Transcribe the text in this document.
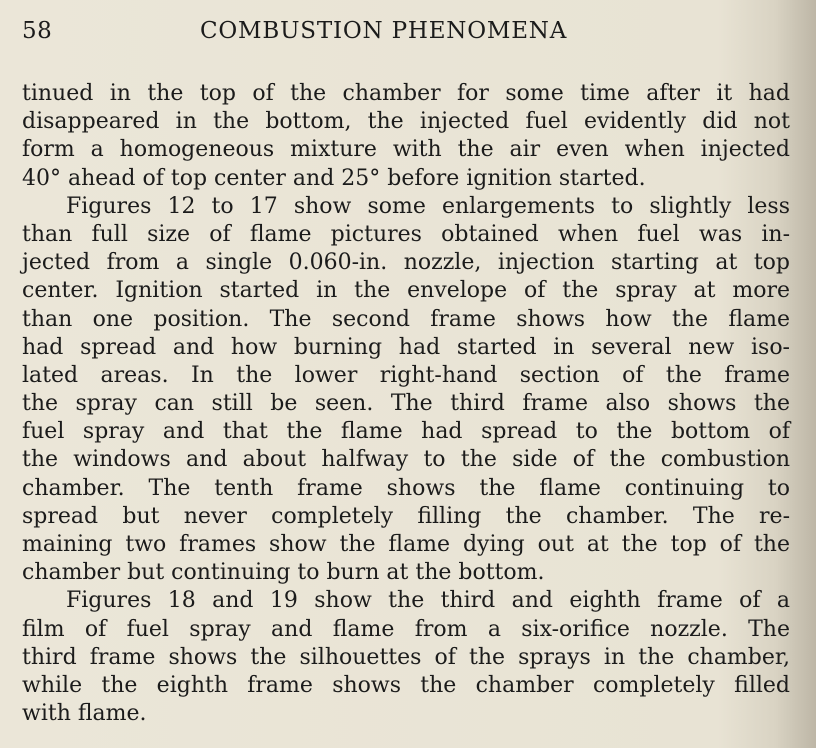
58	COMBUSTION PHENOMENA
tinued in the top of the chamber for some time after it had
disappeared in the bottom, the injected fuel evidently did not
form a homogeneous mixture with the air even when injected
40° ahead of top center and 25° before ignition started.
Figures 12 to 17 show some enlargements to slightly less
than full size of flame pictures obtained when fuel was in-
jected from a single 0.060-in. nozzle, injection starting at top
center. Ignition started in the envelope of the spray at more
than one position. The second frame shows how the flame
had spread and how burning had started in several new iso-
lated areas. In the lower right-hand section of the frame
the spray can still be seen. The third frame also shows the
fuel spray and that the flame had spread to the bottom of
the windows and about halfway to the side of the combustion
chamber. The tenth frame shows the flame continuing to
spread but never completely filling the chamber. The re-
maining two frames show the flame dying out at the top of the
chamber but continuing to burn at the bottom.
Figures 18 and 19 show the third and eighth frame of a
film of fuel spray and flame from a six-orifice nozzle. The
third frame shows the silhouettes of the sprays in the chamber,
while the eighth frame shows the chamber completely filled
with flame.
